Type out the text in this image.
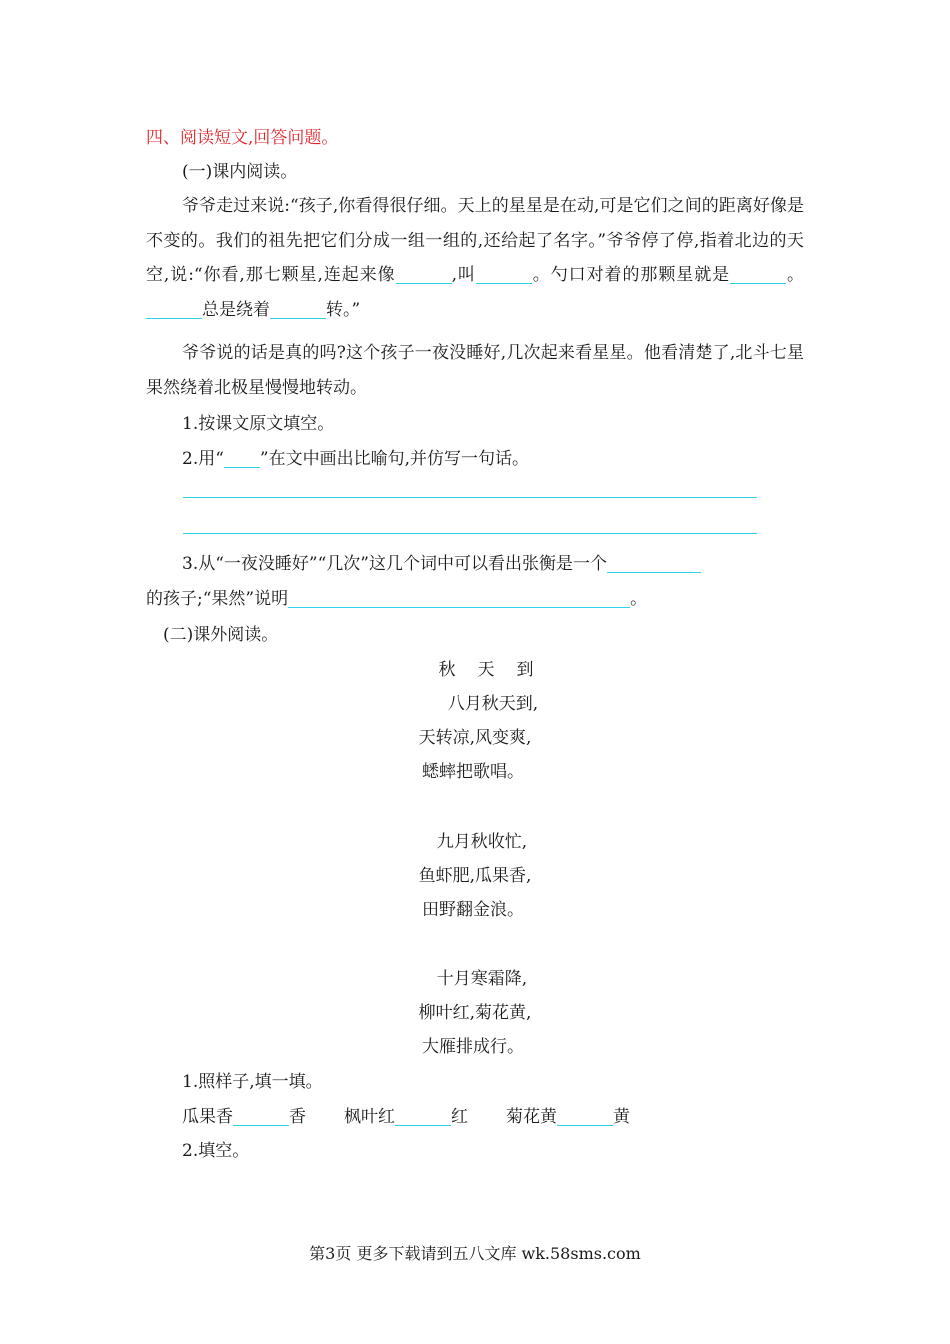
四、阅读短文,回答问题。
(一)课内阅读。

爷爷走过来说:“孩子,你看得很仔细。天上的星星是在动,可是它们之间的距离好像是不变的。我们的祖先把它们分成一组一组的,还给起了名字。”爷爷停了停,指着北边的天空,说:“你看,那七颗星,连起来像	,叫	。勺口对着的那颗星就是	。总是绕着	转。”

爷爷说的话是真的吗?这个孩子一夜没睡好,几次起来看星星。他看清楚了,北斗七星果然绕着北极星慢慢地转动。

1.按课文原文填空。
2.用“ ”在文中画出比喻句,并仿写一句话。
3.从“一夜没睡好”“几次”这几个词中可以看出张衡是一个
的孩子;“果然”说明	。
(二)课外阅读。
秋天到
八月秋天到,
天转凉,风变爽,
蟋蟀把歌唱。
九月秋收忙,
鱼虾肥,瓜果香,
田野翻金浪。
十月寒霜降,
柳叶红,菊花黄,
大雁排成行。
1.照样子,填一填。
瓜果香	香 枫叶红	红 菊花黄	黄
2.填空。
第3页 更多下载请到五八文库 wk.58sms.com
